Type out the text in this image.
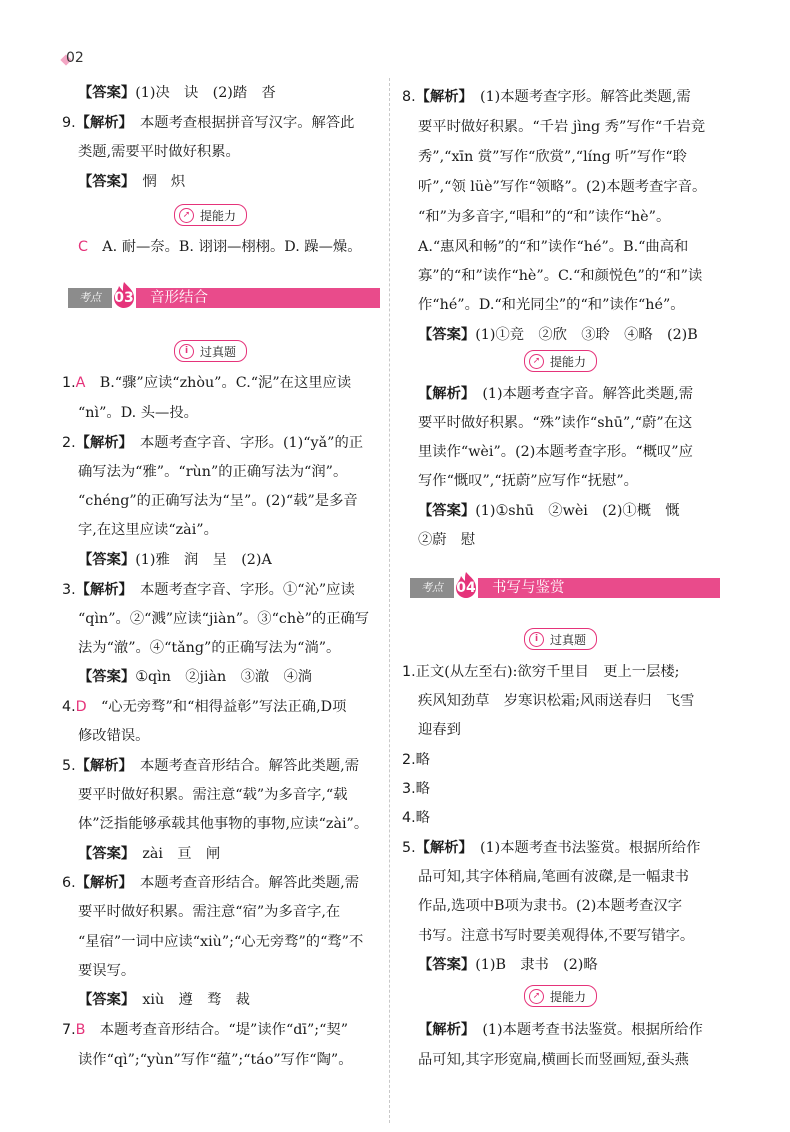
02
【答案】(1)决　诀　(2)踏　沓
9.【解析】　本题考查根据拼音写汉字。解答此
类题,需要平时做好积累。
【答案】　惘　炽
➚ 提能力
C　A. 耐—奈。B. 诩诩—栩栩。D. 躁—燥。
考点 03 音形结合
i 过真题
1.A　B.“骤”应读“zhòu”。C.“泥”在这里应读
“nì”。D. 头—投。
2.【解析】　本题考查字音、字形。(1)“yǎ”的正
确写法为“雅”。“rùn”的正确写法为“润”。
“chéng”的正确写法为“呈”。(2)“载”是多音
字,在这里应读“zài”。
【答案】(1)雅　润　呈　(2)A
3.【解析】　本题考查字音、字形。①“沁”应读
“qìn”。②“溅”应读“jiàn”。③“chè”的正确写
法为“澈”。④“tǎng”的正确写法为“淌”。
【答案】①qìn　②jiàn　③澈　④淌
4.D　“心无旁骛”和“相得益彰”写法正确,D项
修改错误。
5.【解析】　本题考查音形结合。解答此类题,需
要平时做好积累。需注意“载”为多音字,“载
体”泛指能够承载其他事物的事物,应读“zài”。
【答案】　zài　亘　闸
6.【解析】　本题考查音形结合。解答此类题,需
要平时做好积累。需注意“宿”为多音字,在
“星宿”一词中应读“xiù”;“心无旁骛”的“骛”不
要误写。
【答案】　xiù　遵　骛　裁
7.B　本题考查音形结合。“堤”读作“dī”;“契”
读作“qì”;“yùn”写作“蕴”;“táo”写作“陶”。
8.【解析】　(1)本题考查字形。解答此类题,需
要平时做好积累。“千岩 jìng 秀”写作“千岩竞
秀”,“xīn 赏”写作“欣赏”,“líng 听”写作“聆
听”,“领 lüè”写作“领略”。(2)本题考查字音。
“和”为多音字,“唱和”的“和”读作“hè”。
A.“惠风和畅”的“和”读作“hé”。B.“曲高和
寡”的“和”读作“hè”。C.“和颜悦色”的“和”读
作“hé”。D.“和光同尘”的“和”读作“hé”。
【答案】(1)①竞　②欣　③聆　④略　(2)B
➚ 提能力
【解析】　(1)本题考查字音。解答此类题,需
要平时做好积累。“殊”读作“shū”,“蔚”在这
里读作“wèi”。(2)本题考查字形。“概叹”应
写作“慨叹”,“抚蔚”应写作“抚慰”。
【答案】(1)①shū　②wèi　(2)①概　慨
②蔚　慰
考点 04 书写与鉴赏
i 过真题
1.正文(从左至右):欲穷千里目　更上一层楼;
疾风知劲草　岁寒识松霜;风雨送春归　飞雪
迎春到
2.略
3.略
4.略
5.【解析】　(1)本题考查书法鉴赏。根据所给作
品可知,其字体稍扁,笔画有波磔,是一幅隶书
作品,选项中B项为隶书。(2)本题考查汉字
书写。注意书写时要美观得体,不要写错字。
【答案】(1)B　隶书　(2)略
➚ 提能力
【解析】　(1)本题考查书法鉴赏。根据所给作
品可知,其字形宽扁,横画长而竖画短,蚕头燕
